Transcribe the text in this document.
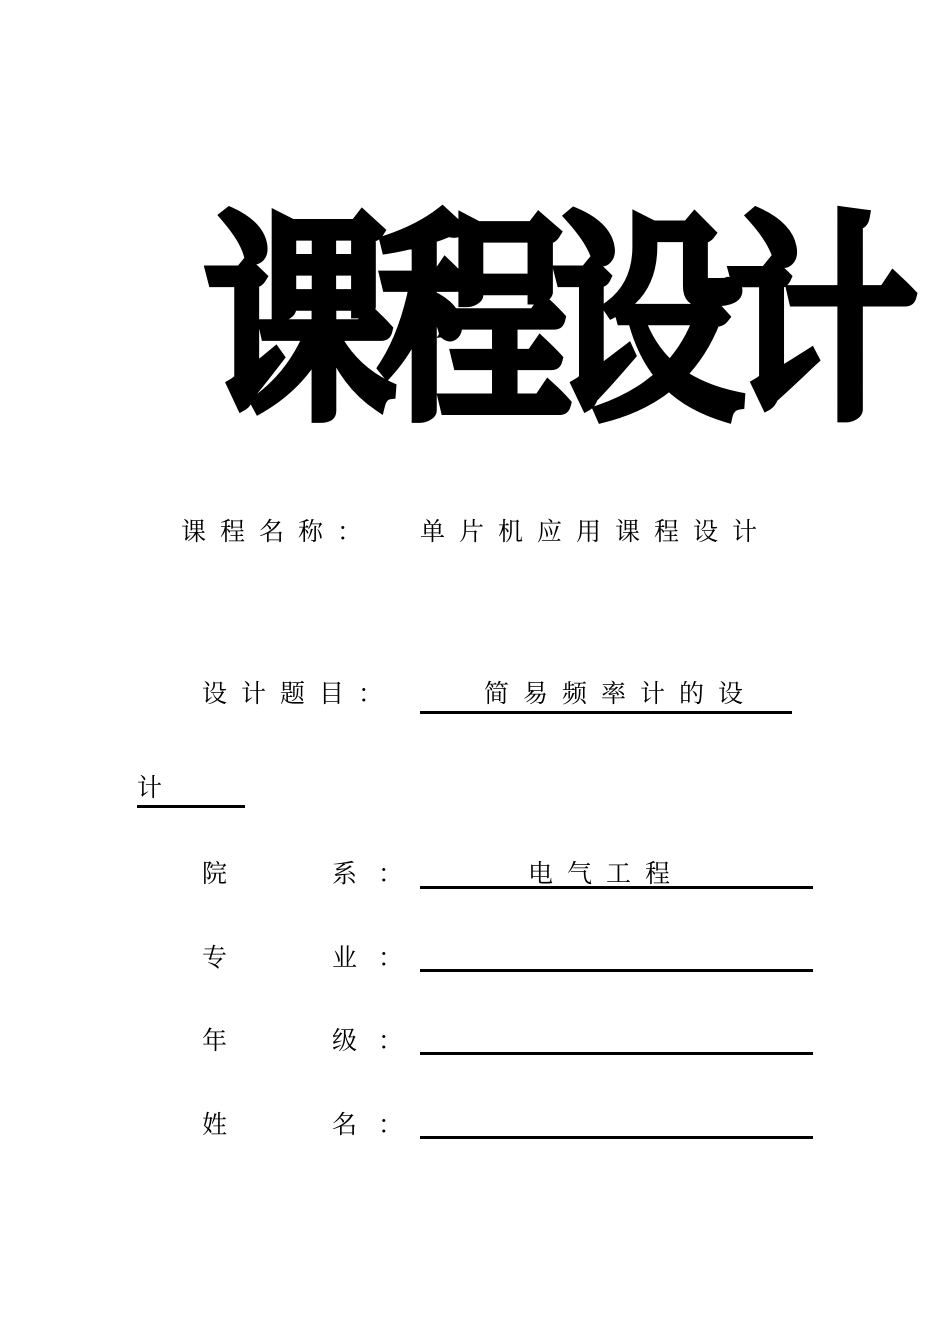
课程设计
课程名称： 单片机应用课程设计
设计题目：	简易频率计的设
计
院	系 ：	电气工程
专	业 ：
年	级 ：
姓	名 ：
